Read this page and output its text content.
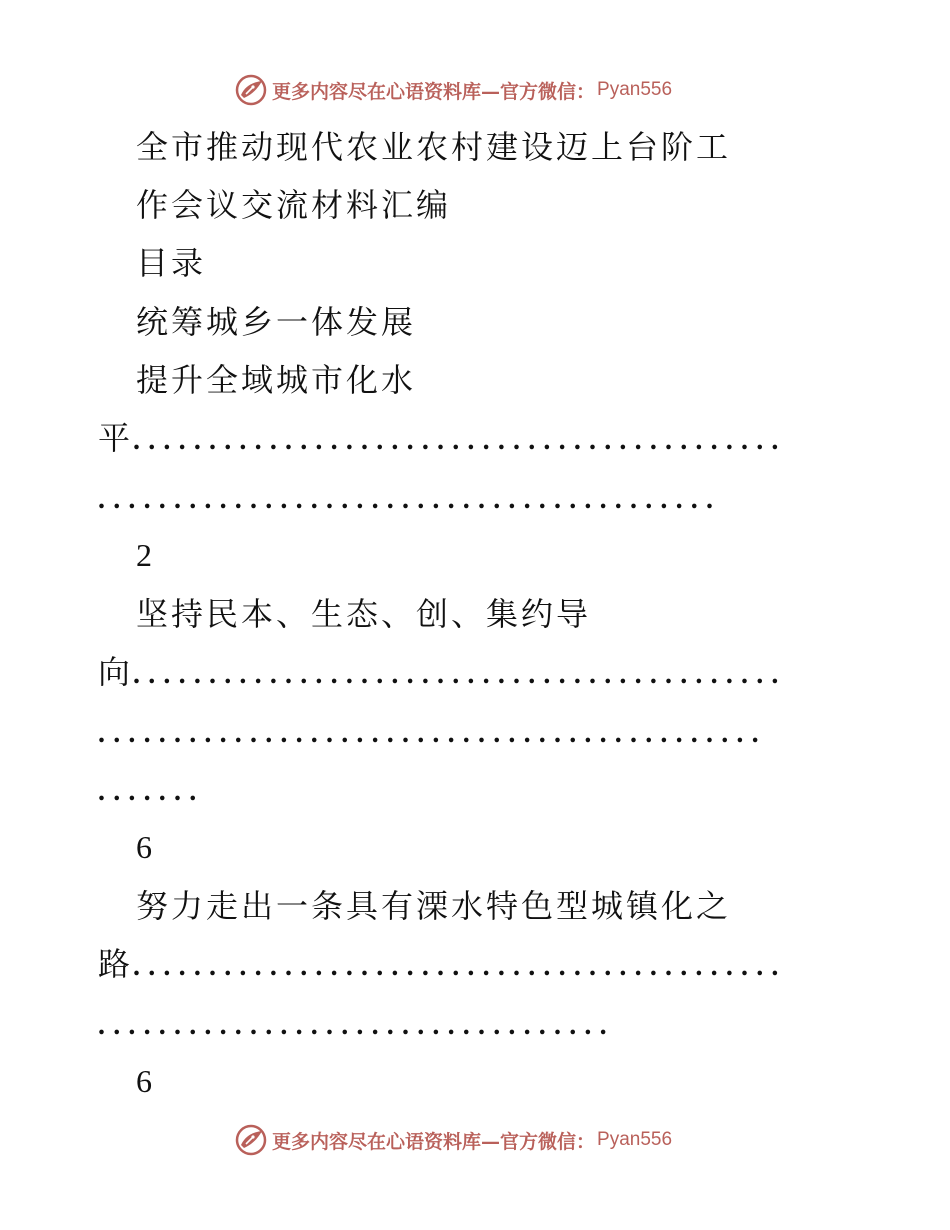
更多内容尽在心语资料库—官方微信： Pyan556
全市推动现代农业农村建设迈上台阶工
作会议交流材料汇编
目录
统筹城乡一体发展
提升全域城市化水
平...........................................
.........................................
2
坚持民本、生态、创、集约导
向...........................................
............................................
.......
6
努力走出一条具有溧水特色型城镇化之
路...........................................
..................................
6
更多内容尽在心语资料库—官方微信： Pyan556
